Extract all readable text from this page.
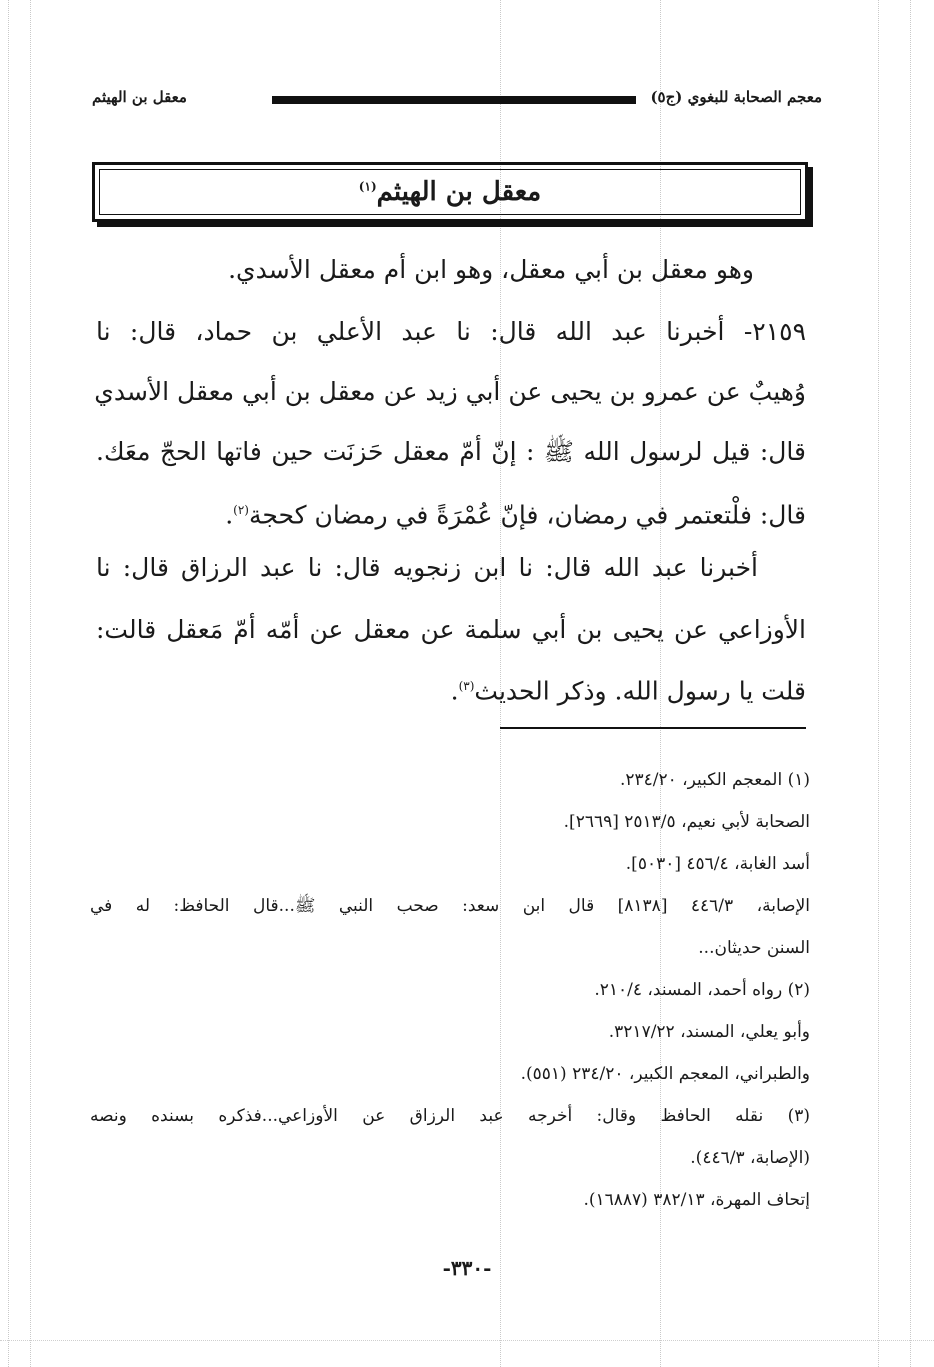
معجم الصحابة للبغوي (ج٥)
معقل بن الهيثم
معقل بن الهيثم$^{(١)}$
وهو معقل بن أبي معقل، وهو ابن أم معقل الأسدي.
٢١٥٩- أخبرنا عبد الله قال: نا عبد الأعلي بن حماد، قال: نا
وُهيبٌ عن عمرو بن يحيى عن أبي زيد عن معقل بن أبي معقل الأسدي
قال: قيل لرسول الله ﷺ : إنّ أمّ معقل حَزنَت حين فاتها الحجّ معَك.
قال: فلْتعتمر في رمضان، فإنّ عُمْرَةً في رمضان كحجة$^{(٢)}$.
أخبرنا عبد الله قال: نا ابن زنجويه قال: نا عبد الرزاق قال: نا
الأوزاعي عن يحيى بن أبي سلمة عن معقل عن أمّه أمّ مَعقل قالت:
قلت يا رسول الله. وذكر الحديث$^{(٣)}$.
(١) المعجم الكبير، ٢٣٤/٢٠.
الصحابة لأبي نعيم، ٢٥١٣/٥ [٢٦٦٩].
أسد الغابة، ٤٥٦/٤ [٥٠٣٠].
الإصابة، ٤٤٦/٣ [٨١٣٨] قال ابن سعد: صحب النبي ﷺ...قال الحافظ: له في
السنن حديثان...
(٢) رواه أحمد، المسند، ٢١٠/٤.
وأبو يعلي، المسند، ٣٢١٧/٢٢.
والطبراني، المعجم الكبير، ٢٣٤/٢٠ (٥٥١).
(٣) نقله الحافظ وقال: أخرجه عبد الرزاق عن الأوزاعي...فذكره بسنده ونصه
(الإصابة، ٤٤٦/٣).
إتحاف المهرة، ٣٨٢/١٣ (١٦٨٨٧).
-٣٣٠-
